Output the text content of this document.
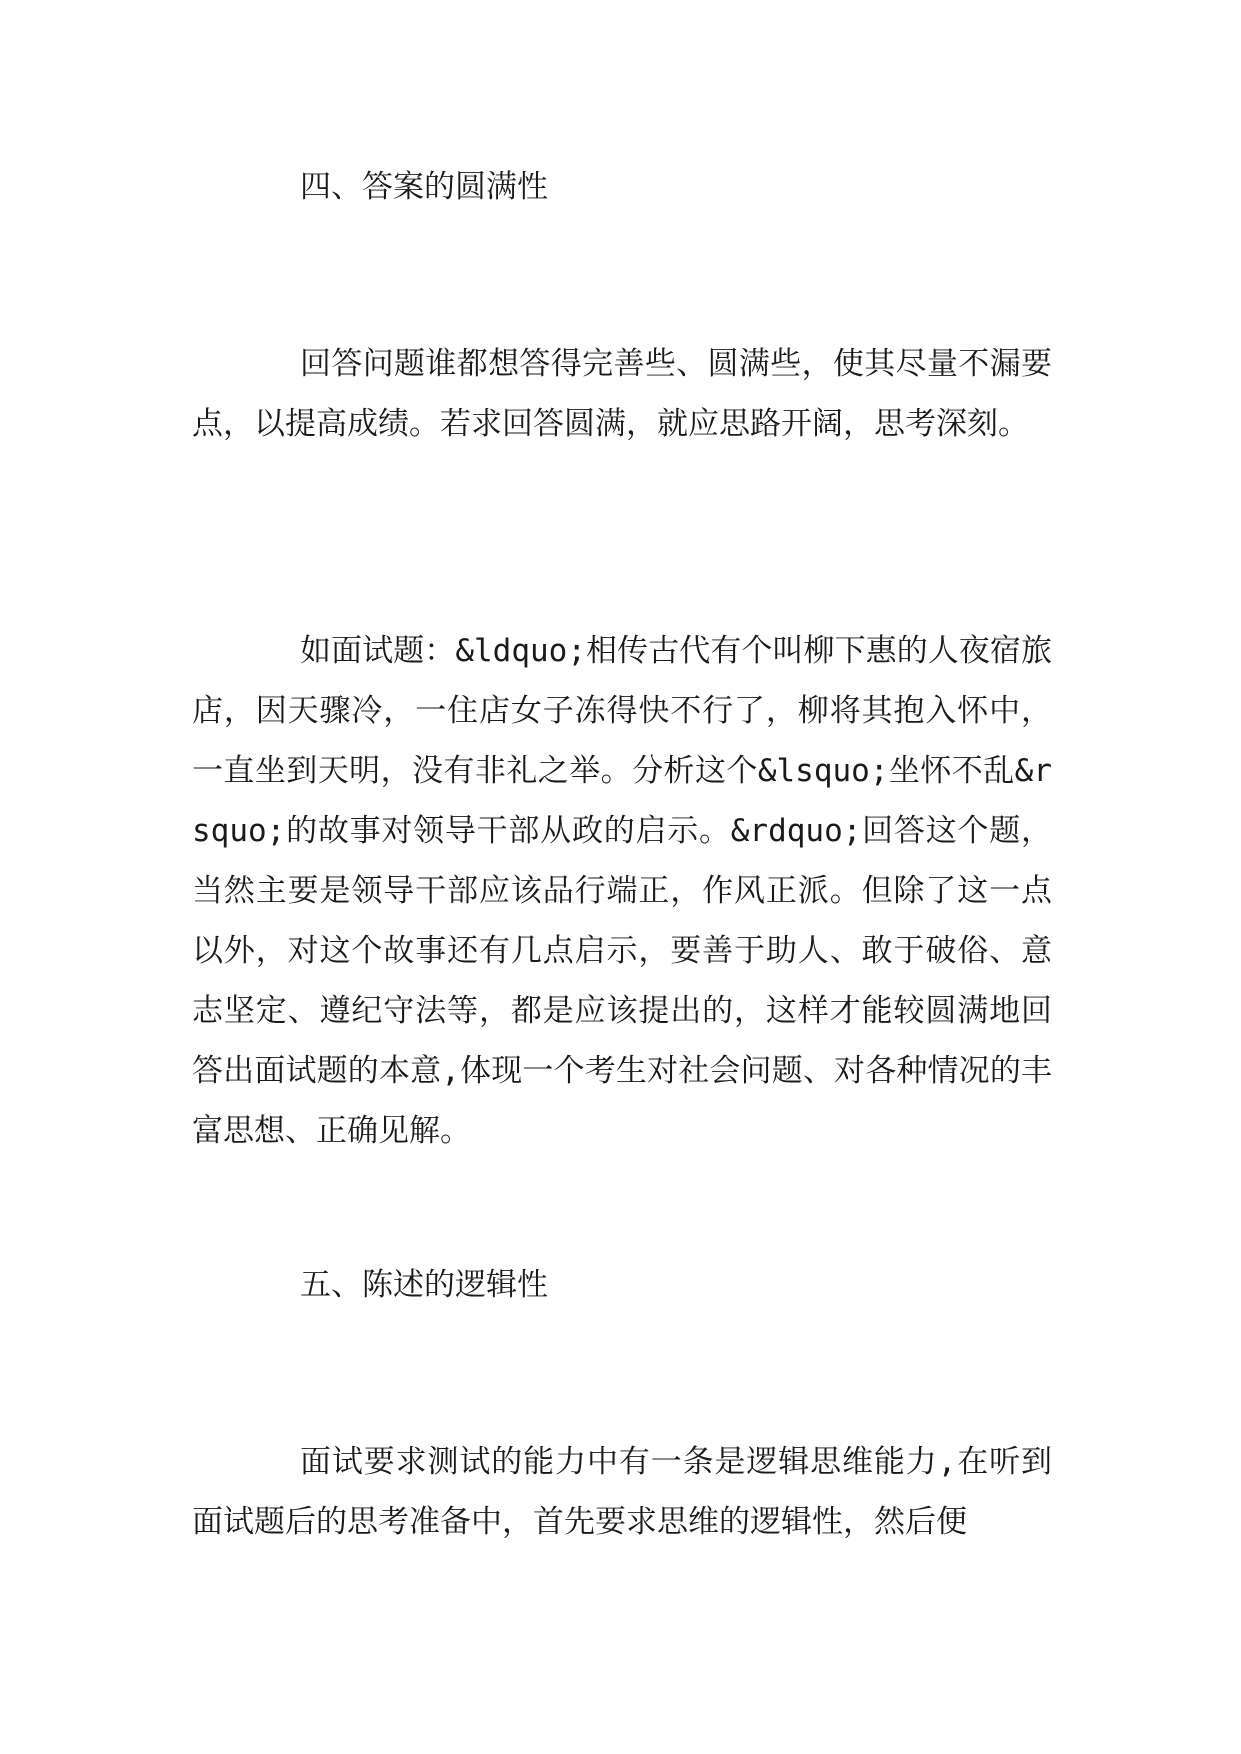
四、答案的圆满性

回答问题谁都想答得完善些、圆满些，使其尽量不漏要点，以提高成绩。若求回答圆满，就应思路开阔，思考深刻。

如面试题：&ldquo;相传古代有个叫柳下惠的人夜宿旅店，因天骤冷，一住店女子冻得快不行了，柳将其抱入怀中，一直坐到天明，没有非礼之举。分析这个&lsquo;坐怀不乱&rsquo;的故事对领导干部从政的启示。&rdquo;回答这个题，当然主要是领导干部应该品行端正，作风正派。但除了这一点以外，对这个故事还有几点启示，要善于助人、敢于破俗、意志坚定、遵纪守法等，都是应该提出的，这样才能较圆满地回答出面试题的本意,体现一个考生对社会问题、对各种情况的丰富思想、正确见解。

五、陈述的逻辑性

面试要求测试的能力中有一条是逻辑思维能力,在听到面试题后的思考准备中，首先要求思维的逻辑性，然后便
